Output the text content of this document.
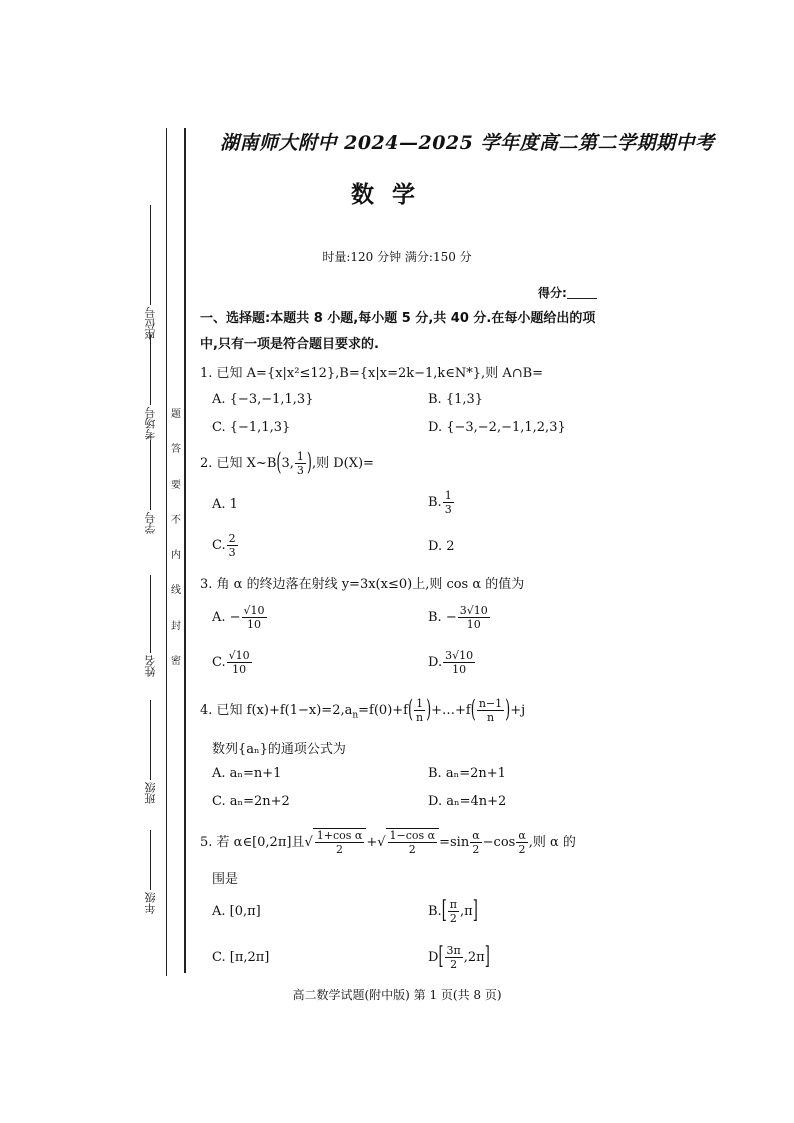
座位号
考场号
学号
姓名
班级
年级
题
答
要
不
内
线
封
密
湖南师大附中 2024—2025 学年度高二第二学期期中考
数学
时量:120 分钟 满分:150 分
得分:
一、选择题:本题共 8 小题,每小题 5 分,共 40 分.在每小题给出的项中,只有一项是符合题目要求的.
1. 已知 A={x|x²≤12},B={x|x=2k−1,k∈N*},则 A∩B=
A. {−3,−1,1,3}	B. {1,3}
C. {−1,1,3}	D. {−3,−2,−1,1,2,3}
2. 已知 X~B(3, $\frac{1}{3}$ ),则 D(X)=
A. 1	B. $\frac{1}{3}$
C. $\frac{2}{3}$	D. 2
3. 角 α 的终边落在射线 y=3x(x≤0)上,则 cos α 的值为
A. − $\frac{√10}{10}$	B. − $\frac{3√10}{10}$
C. $\frac{√10}{10}$	D. $\frac{3√10}{10}$
4. 已知 $f(x)+f(1-x)=2,a_n=f(0)+f( \frac{1}{n}$ )+…+f( $\frac{n-1}{n} )+j$
数列{aₙ}的通项公式为
A. aₙ=n+1	B. aₙ=2n+1
C. aₙ=2n+2	D. aₙ=4n+2
5. 若 α∈[0,2π]且√ $\frac{\text{1+cos α}}{2}$ +√ $\frac{\text{1−cos α}}{2} =\sin \frac{\alpha}{2} -\cos \frac{\alpha}{2}$ ,则 α 的
围是
A. [0,π]	$B.[ \frac{\pi}{2} ,\pi]$
C. [π,2π]	$D[ \frac{3\pi}{2} ,2\pi]$
高二数学试题(附中版) 第 1 页(共 8 页)
